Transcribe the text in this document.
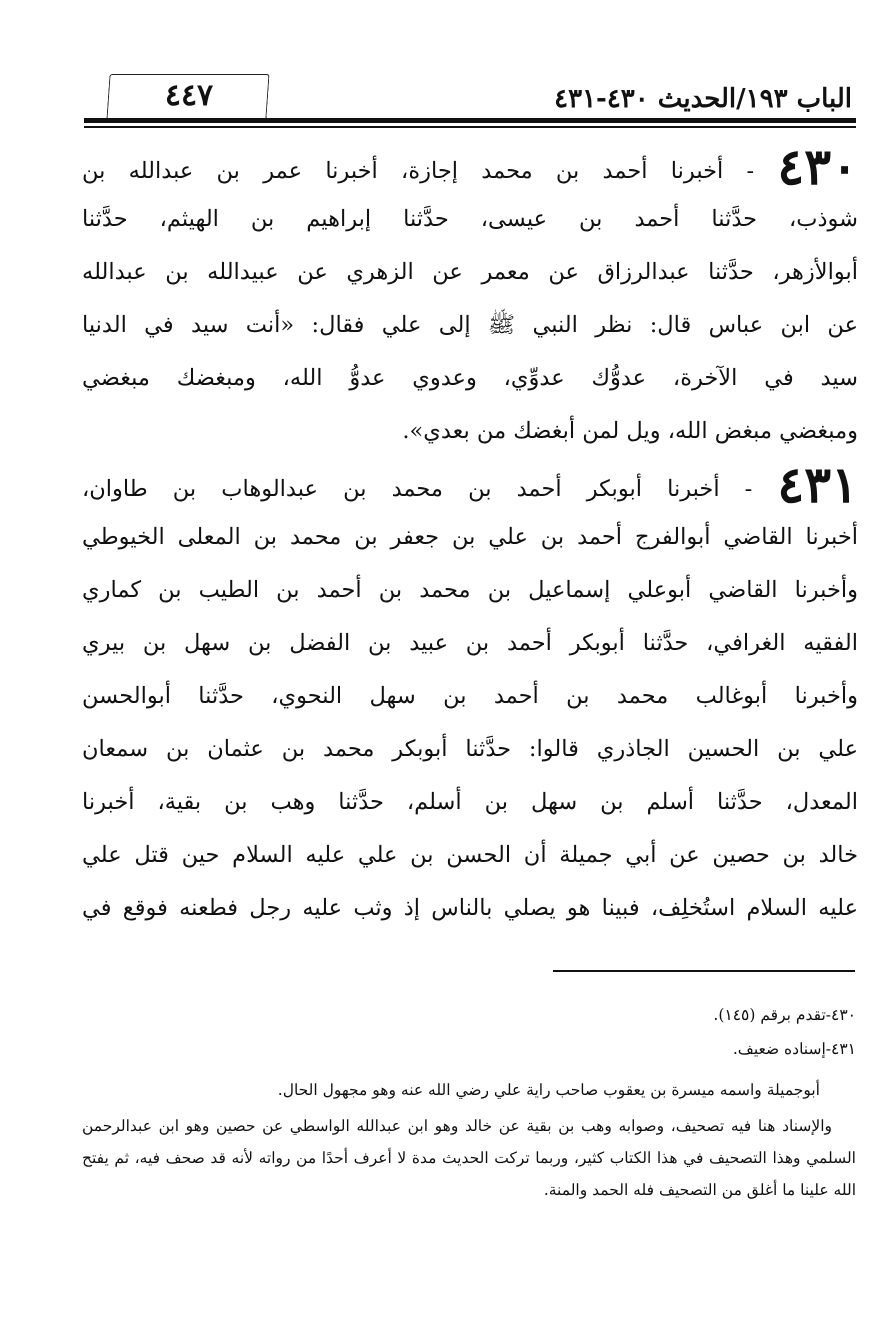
٤٤٧	الباب ١٩٣/الحديث ٤٣٠-٤٣١
٤٣٠ - أخبرنا أحمد بن محمد إجازة، أخبرنا عمر بن عبدالله بن
شوذب، حدَّثنا أحمد بن عيسى، حدَّثنا إبراهيم بن الهيثم، حدَّثنا
أبوالأزهر، حدَّثنا عبدالرزاق عن معمر عن الزهري عن عبيدالله بن عبدالله
عن ابن عباس قال: نظر النبي ﷺ إلى علي فقال: «أنت سيد في الدنيا
سيد في الآخرة، عدوُّك عدوِّي، وعدوي عدوُّ الله، ومبغضك مبغضي
ومبغضي مبغض الله، ويل لمن أبغضك من بعدي».
٤٣١ - أخبرنا أبوبكر أحمد بن محمد بن عبدالوهاب بن طاوان،
أخبرنا القاضي أبوالفرج أحمد بن علي بن جعفر بن محمد بن المعلى الخيوطي
وأخبرنا القاضي أبوعلي إسماعيل بن محمد بن أحمد بن الطيب بن كماري
الفقيه الغرافي، حدَّثنا أبوبكر أحمد بن عبيد بن الفضل بن سهل بن بيري
وأخبرنا أبوغالب محمد بن أحمد بن سهل النحوي، حدَّثنا أبوالحسن
علي بن الحسين الجاذري قالوا: حدَّثنا أبوبكر محمد بن عثمان بن سمعان
المعدل، حدَّثنا أسلم بن سهل بن أسلم، حدَّثنا وهب بن بقية، أخبرنا
خالد بن حصين عن أبي جميلة أن الحسن بن علي عليه السلام حين قتل علي
عليه السلام استُخلِف، فبينا هو يصلي بالناس إذ وثب عليه رجل فطعنه فوقع في
٤٣٠-تقدم برقم (١٤٥).
٤٣١-إسناده ضعيف.
أبوجميلة واسمه ميسرة بن يعقوب صاحب راية علي رضي الله عنه وهو مجهول الحال.
والإسناد هنا فيه تصحيف، وصوابه وهب بن بقية عن خالد وهو ابن عبدالله الواسطي عن حصين وهو ابن عبدالرحمن السلمي وهذا التصحيف في هذا الكتاب كثير، وربما تركت الحديث مدة لا أعرف أحدًا من رواته لأنه قد صحف فيه، ثم يفتح الله علينا ما أغلق من التصحيف فله الحمد والمنة.
